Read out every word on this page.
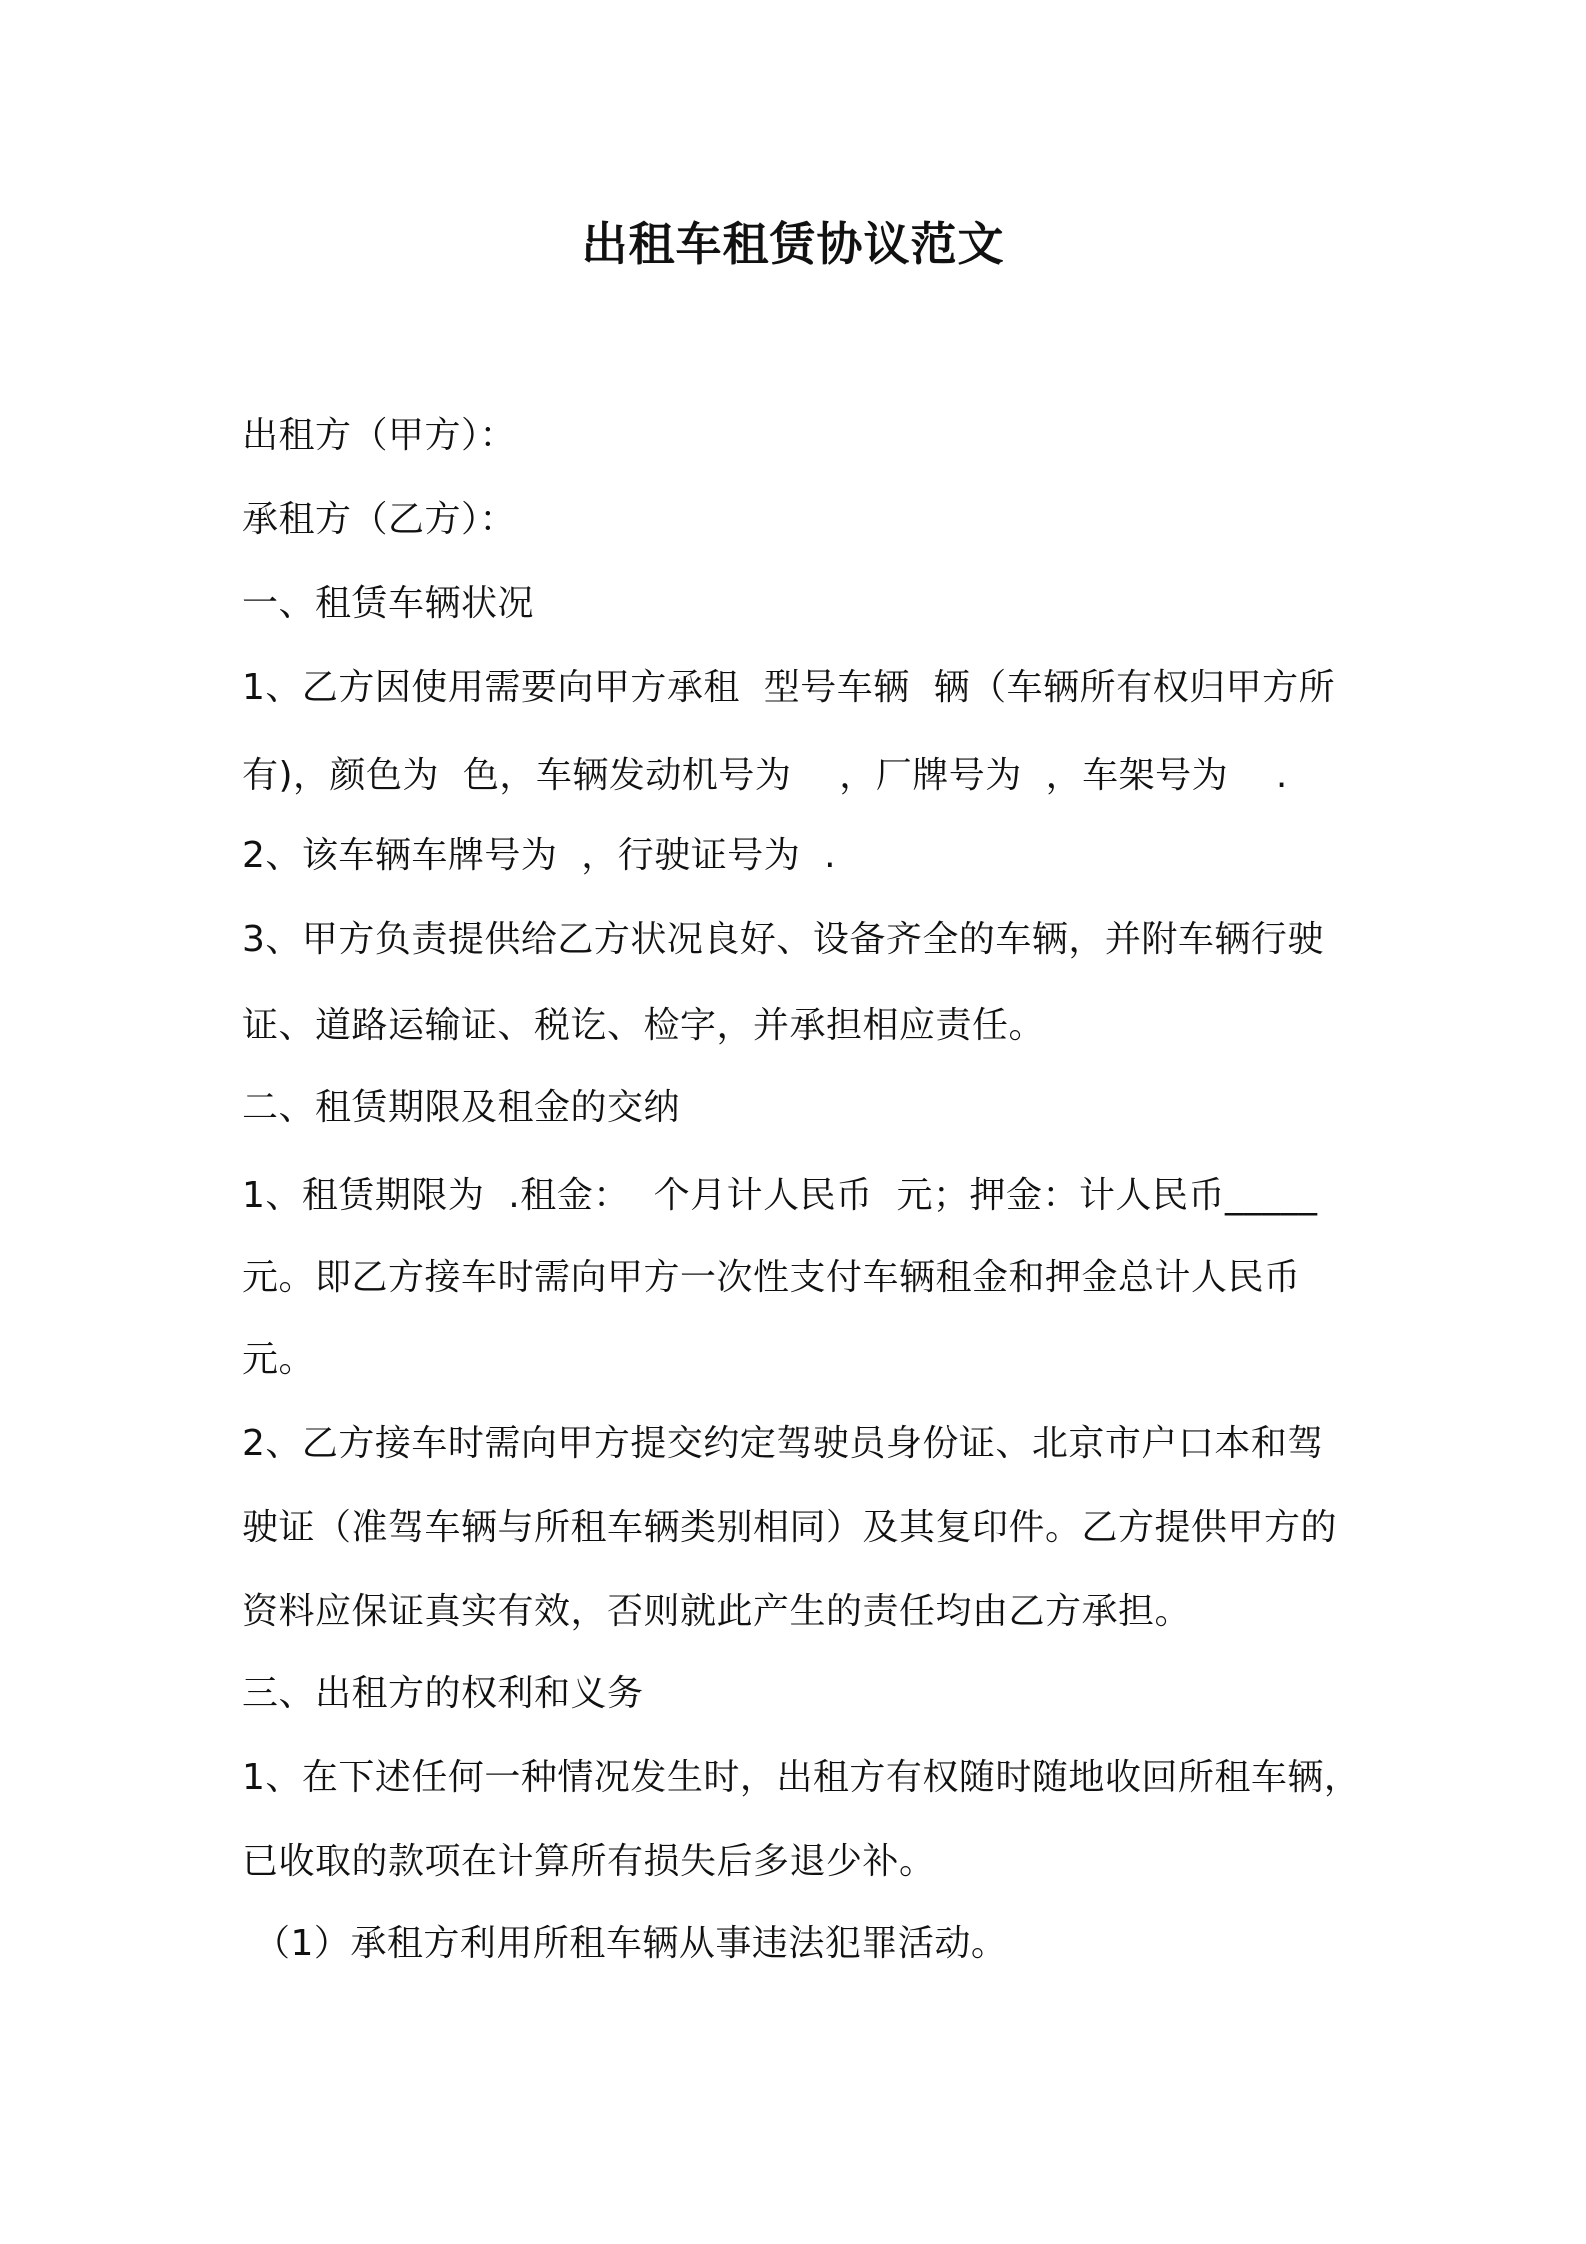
出租车租赁协议范文
出租方（甲方）：
承租方（乙方）：
一、租赁车辆状况
1、乙方因使用需要向甲方承租  型号车辆  辆（车辆所有权归甲方所
有)，颜色为  色，车辆发动机号为    ，厂牌号为  ，车架号为    .
2、该车辆车牌号为  ，行驶证号为  .
3、甲方负责提供给乙方状况良好、设备齐全的车辆，并附车辆行驶
证、道路运输证、税讫、检字，并承担相应责任。
二、租赁期限及租金的交纳
1、租赁期限为  .租金：  个月计人民币  元；押金：计人民币_____
元。即乙方接车时需向甲方一次性支付车辆租金和押金总计人民币
元。
2、乙方接车时需向甲方提交约定驾驶员身份证、北京市户口本和驾
驶证（准驾车辆与所租车辆类别相同）及其复印件。乙方提供甲方的
资料应保证真实有效，否则就此产生的责任均由乙方承担。
三、出租方的权利和义务
1、在下述任何一种情况发生时，出租方有权随时随地收回所租车辆，
已收取的款项在计算所有损失后多退少补。
（1）承租方利用所租车辆从事违法犯罪活动。
